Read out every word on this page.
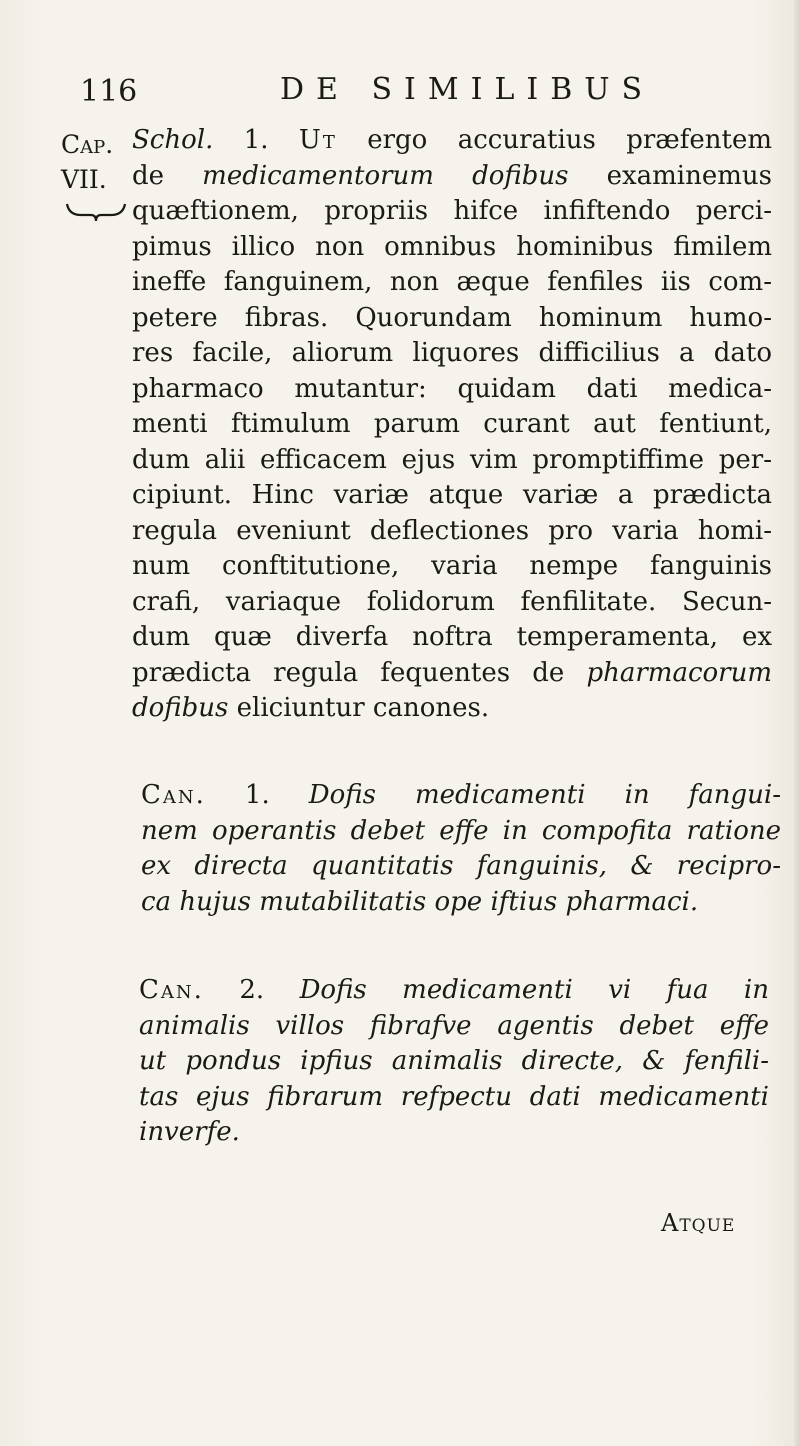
116	DE SIMILIBUS
Cap.
VII.

Schol. 1. Ut ergo accuratius præfentem
de medicamentorum dofibus examinemus
quæftionem, propriis hifce infiftendo perci-
pimus illico non omnibus hominibus fimilem
ineffe fanguinem, non æque fenfiles iis com-
petere fibras. Quorundam hominum humo-
res facile, aliorum liquores difficilius a dato
pharmaco mutantur: quidam dati medica-
menti ftimulum parum curant aut fentiunt,
dum alii efficacem ejus vim promptiffime per-
cipiunt. Hinc variæ atque variæ a prædicta
regula eveniunt deflectiones pro varia homi-
num conftitutione, varia nempe fanguinis
crafi, variaque folidorum fenfilitate. Secun-
dum quæ diverfa noftra temperamenta, ex
prædicta regula fequentes de pharmacorum
dofibus eliciuntur canones.

Can. 1. Dofis medicamenti in fangui-
nem operantis debet effe in compofita ratione
ex directa quantitatis fanguinis, & recipro-
ca hujus mutabilitatis ope iftius pharmaci.

Can. 2. Dofis medicamenti vi fua in
animalis villos fibrafve agentis debet effe
ut pondus ipfius animalis directe, & fenfili-
tas ejus fibrarum refpectu dati medicamenti
inverfe.

Atque
